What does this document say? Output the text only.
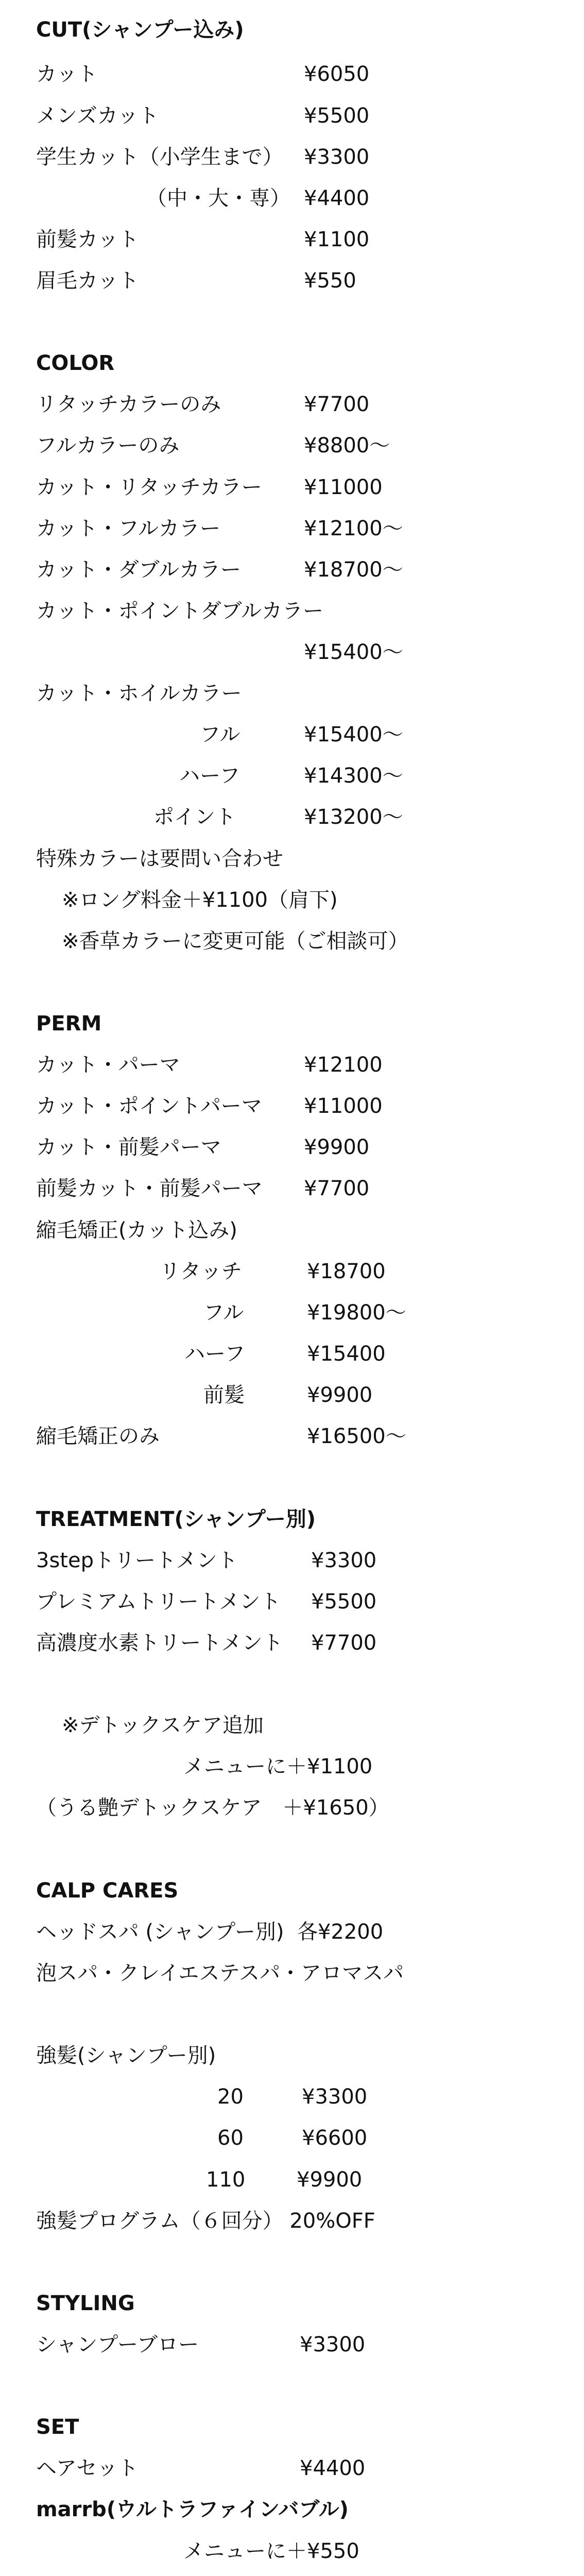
CUT(シャンプー込み)
カット	¥6050
メンズカット	¥5500
学生カット（小学生まで） ¥3300
（中・大・専） ¥4400
前髪カット	¥1100
眉毛カット	¥550
COLOR
リタッチカラーのみ	¥7700
フルカラーのみ	¥8800〜
カット・リタッチカラー ¥11000
カット・フルカラー	¥12100〜
カット・ダブルカラー	¥18700〜
カット・ポイントダブルカラー
¥15400〜
カット・ホイルカラー
フル	¥15400〜
ハーフ	¥14300〜
ポイント	¥13200〜
特殊カラーは要問い合わせ
※ロング料金＋¥1100（肩下)
※香草カラーに変更可能（ご相談可）
PERM
カット・パーマ	¥12100
カット・ポイントパーマ ¥11000
カット・前髪パーマ	¥9900
前髪カット・前髪パーマ ¥7700
縮毛矯正(カット込み)
リタッチ	¥18700
フル	¥19800〜
ハーフ	¥15400
前髪	¥9900
縮毛矯正のみ	¥16500〜
TREATMENT(シャンプー別)
3stepトリートメント	¥3300
プレミアムトリートメント ¥5500
高濃度水素トリートメント ¥7700
※デトックスケア追加
メニューに＋¥1100
（うる艶デトックスケア　＋¥1650）
CALP CARES
ヘッドスパ (シャンプー別)  各¥2200
泡スパ・クレイエステスパ・アロマスパ
強髪(シャンプー別)
20	¥3300
60	¥6600
110 ¥9900
強髪プログラム（６回分） 20%OFF
STYLING
シャンプーブロー	¥3300
SET
ヘアセット	¥4400
marrb(ウルトラファインバブル)
メニューに＋¥550
